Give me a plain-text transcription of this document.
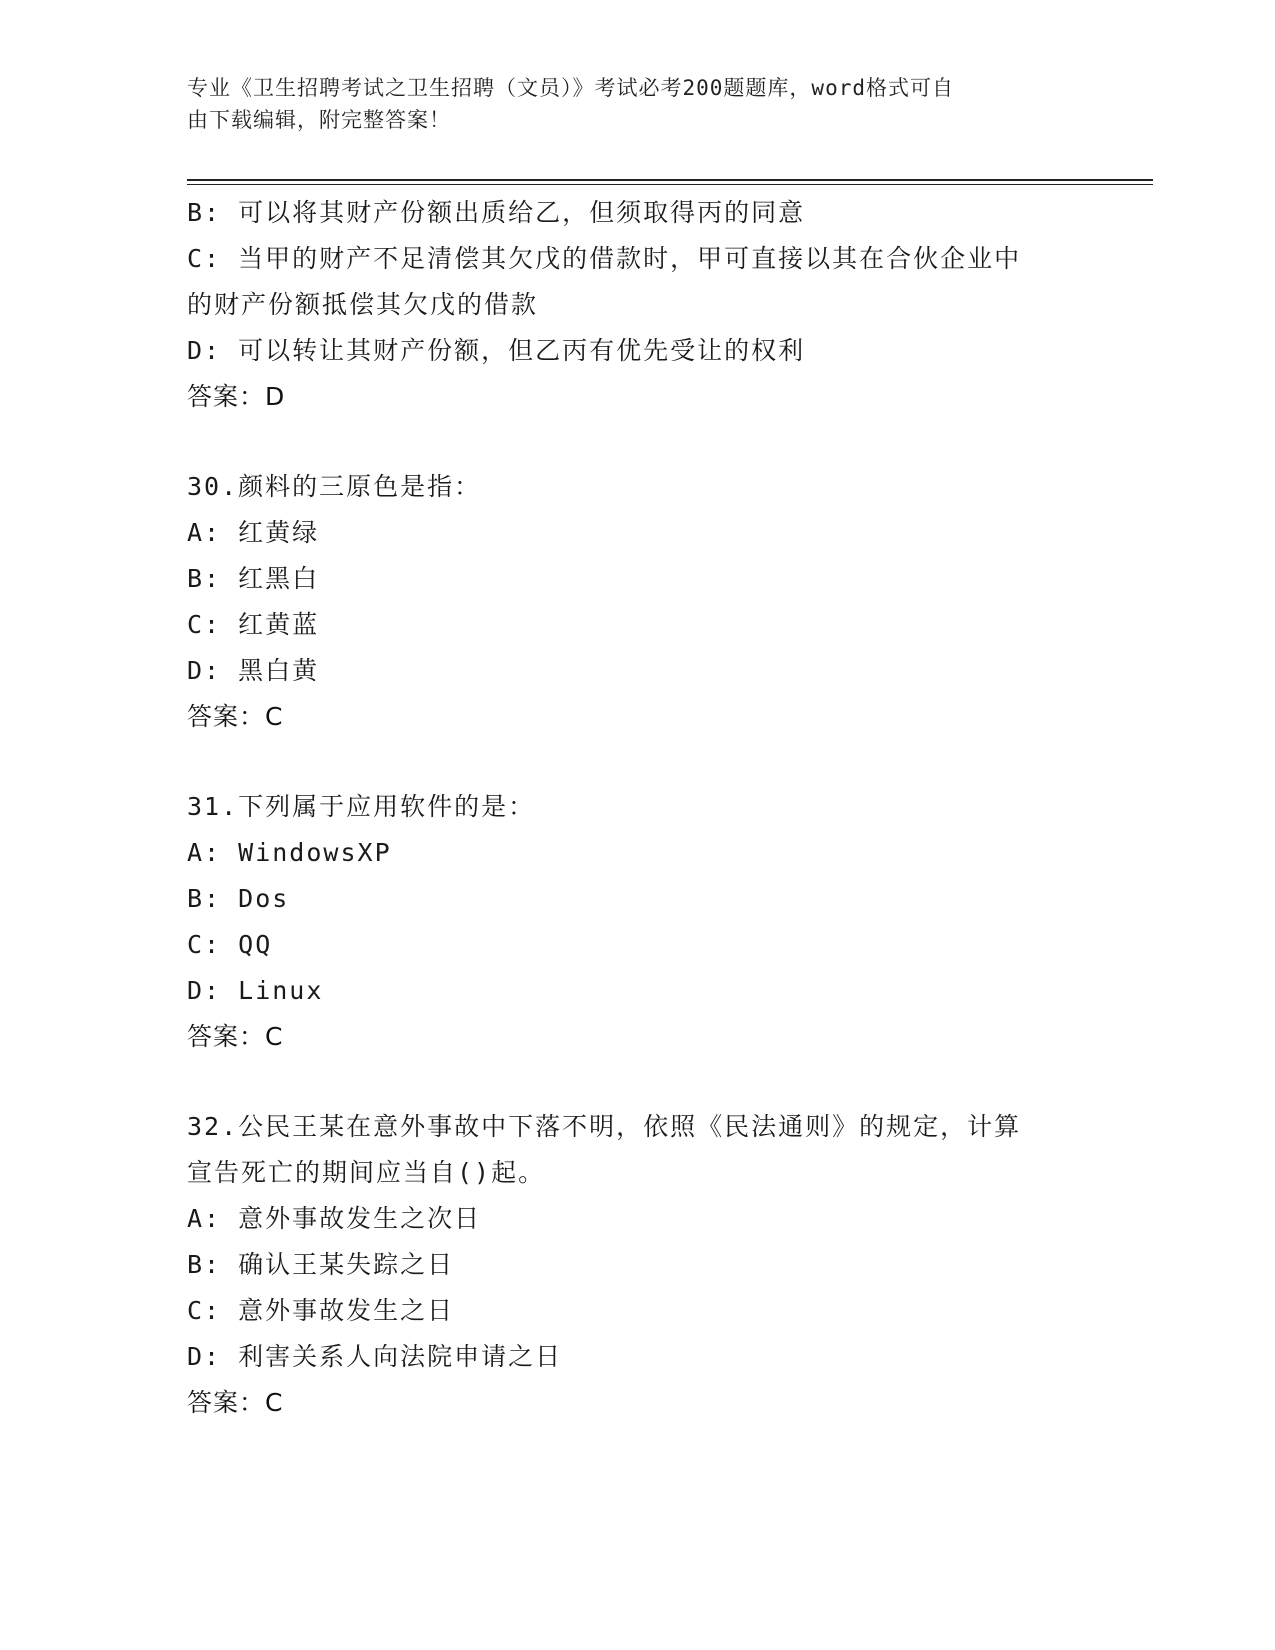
专业《卫生招聘考试之卫生招聘（文员）》考试必考200题题库，word格式可自
由下载编辑，附完整答案！
B: 可以将其财产份额出质给乙，但须取得丙的同意
C: 当甲的财产不足清偿其欠戊的借款时，甲可直接以其在合伙企业中
的财产份额抵偿其欠戊的借款
D: 可以转让其财产份额，但乙丙有优先受让的权利
答案：D
30.颜料的三原色是指：
A: 红黄绿
B: 红黑白
C: 红黄蓝
D: 黑白黄
答案：C
31.下列属于应用软件的是：
A: WindowsXP
B: Dos
C: QQ
D: Linux
答案：C
32.公民王某在意外事故中下落不明，依照《民法通则》的规定，计算
宣告死亡的期间应当自()起。
A: 意外事故发生之次日
B: 确认王某失踪之日
C: 意外事故发生之日
D: 利害关系人向法院申请之日
答案：C
